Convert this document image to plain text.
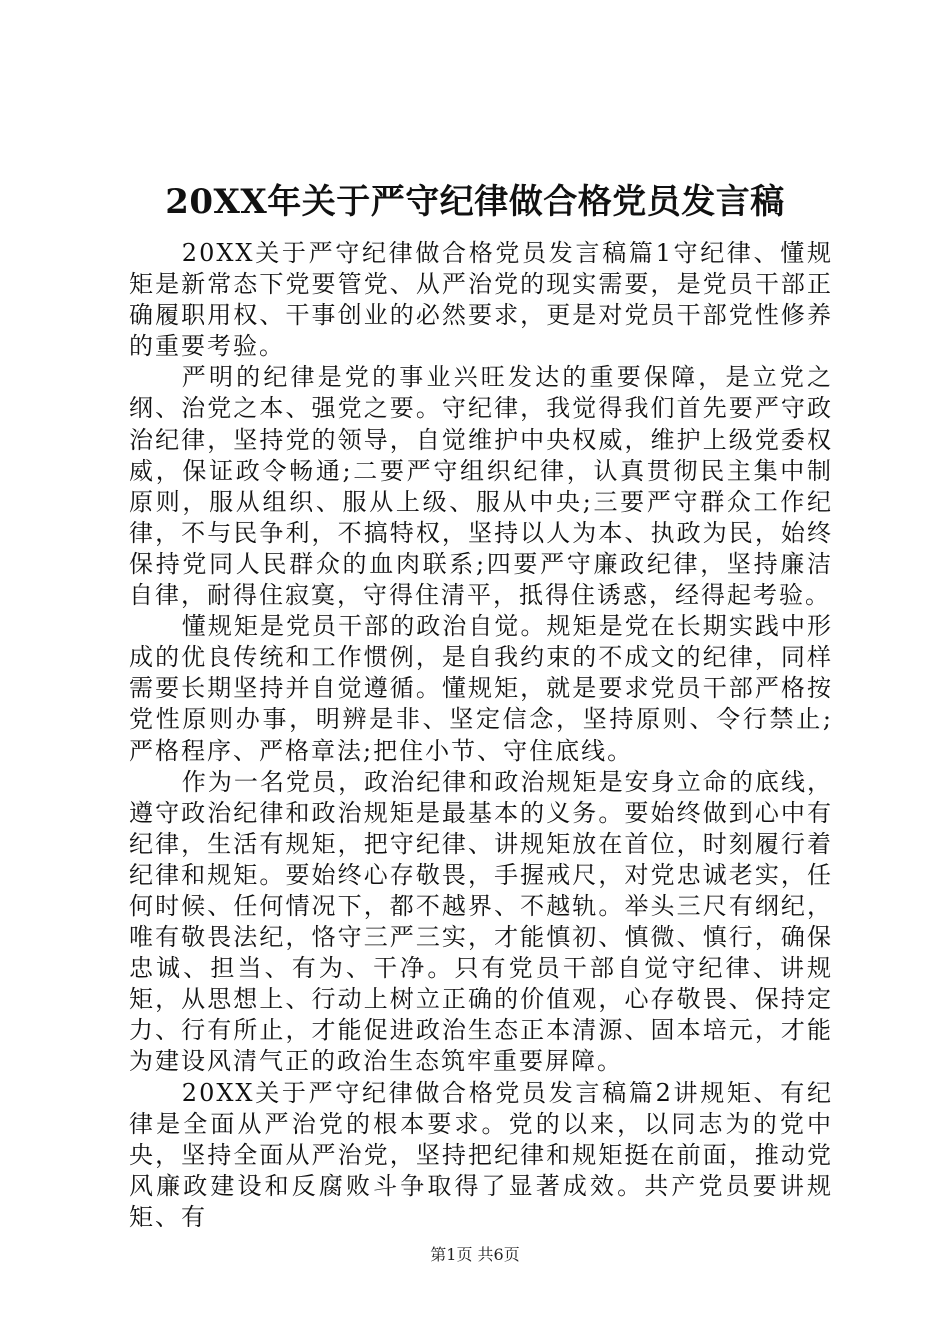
20XX年关于严守纪律做合格党员发言稿

20XX关于严守纪律做合格党员发言稿篇1守纪律、懂规矩是新常态下党要管党、从严治党的现实需要，是党员干部正确履职用权、干事创业的必然要求，更是对党员干部党性修养的重要考验。

严明的纪律是党的事业兴旺发达的重要保障，是立党之纲、治党之本、强党之要。守纪律，我觉得我们首先要严守政治纪律，坚持党的领导，自觉维护中央权威，维护上级党委权威，保证政令畅通;二要严守组织纪律，认真贯彻民主集中制原则，服从组织、服从上级、服从中央;三要严守群众工作纪律，不与民争利，不搞特权，坚持以人为本、执政为民，始终保持党同人民群众的血肉联系;四要严守廉政纪律，坚持廉洁自律，耐得住寂寞，守得住清平，抵得住诱惑，经得起考验。

懂规矩是党员干部的政治自觉。规矩是党在长期实践中形成的优良传统和工作惯例，是自我约束的不成文的纪律，同样需要长期坚持并自觉遵循。懂规矩，就是要求党员干部严格按党性原则办事，明辨是非、坚定信念，坚持原则、令行禁止;严格程序、严格章法;把住小节、守住底线。

作为一名党员，政治纪律和政治规矩是安身立命的底线，遵守政治纪律和政治规矩是最基本的义务。要始终做到心中有纪律，生活有规矩，把守纪律、讲规矩放在首位，时刻履行着纪律和规矩。要始终心存敬畏，手握戒尺，对党忠诚老实，任何时候、任何情况下，都不越界、不越轨。举头三尺有纲纪，唯有敬畏法纪，恪守三严三实，才能慎初、慎微、慎行，确保忠诚、担当、有为、干净。只有党员干部自觉守纪律、讲规矩，从思想上、行动上树立正确的价值观，心存敬畏、保持定力、行有所止，才能促进政治生态正本清源、固本培元，才能为建设风清气正的政治生态筑牢重要屏障。

20XX关于严守纪律做合格党员发言稿篇2讲规矩、有纪律是全面从严治党的根本要求。党的以来，以同志为的党中央，坚持全面从严治党，坚持把纪律和规矩挺在前面，推动党风廉政建设和反腐败斗争取得了显著成效。共产党员要讲规矩、有

第1页 共6页
